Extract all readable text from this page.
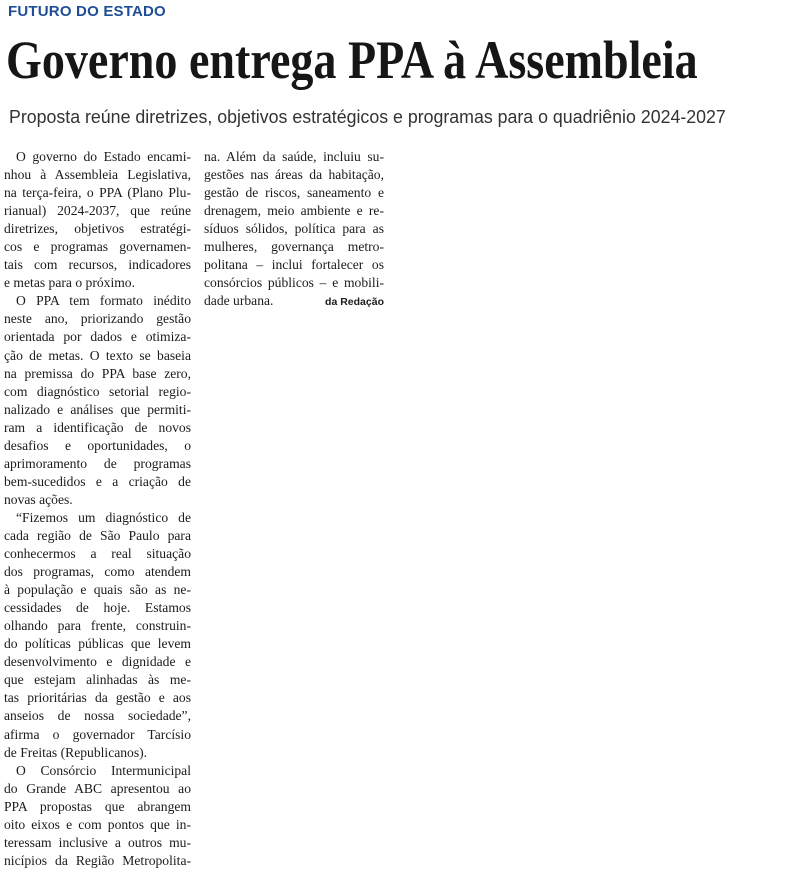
FUTURO DO ESTADO
Governo entrega PPA à Assembleia
Proposta reúne diretrizes, objetivos estratégicos e programas para o quadriênio 2024-2027
O governo do Estado encami-
nhou à Assembleia Legislativa,
na terça-feira, o PPA (Plano Plu-
rianual) 2024-2037, que reúne
diretrizes, objetivos estratégi-
cos e programas governamen-
tais com recursos, indicadores
e metas para o próximo.
O PPA tem formato inédito
neste ano, priorizando gestão
orientada por dados e otimiza-
ção de metas. O texto se baseia
na premissa do PPA base zero,
com diagnóstico setorial regio-
nalizado e análises que permiti-
ram a identificação de novos
desafios e oportunidades, o
aprimoramento de programas
bem-sucedidos e a criação de
novas ações.
“Fizemos um diagnóstico de
cada região de São Paulo para
conhecermos a real situação
dos programas, como atendem
à população e quais são as ne-
cessidades de hoje. Estamos
olhando para frente, construin-
do políticas públicas que levem
desenvolvimento e dignidade e
que estejam alinhadas às me-
tas prioritárias da gestão e aos
anseios de nossa sociedade”,
afirma o governador Tarcísio
de Freitas (Republicanos).
O Consórcio Intermunicipal
do Grande ABC apresentou ao
PPA propostas que abrangem
oito eixos e com pontos que in-
teressam inclusive a outros mu-
nicípios da Região Metropolita-
na. Além da saúde, incluiu su-
gestões nas áreas da habitação,
gestão de riscos, saneamento e
drenagem, meio ambiente e re-
síduos sólidos, política para as
mulheres, governança metro-
politana – inclui fortalecer os
consórcios públicos – e mobili-
dade urbana.	da Redação
